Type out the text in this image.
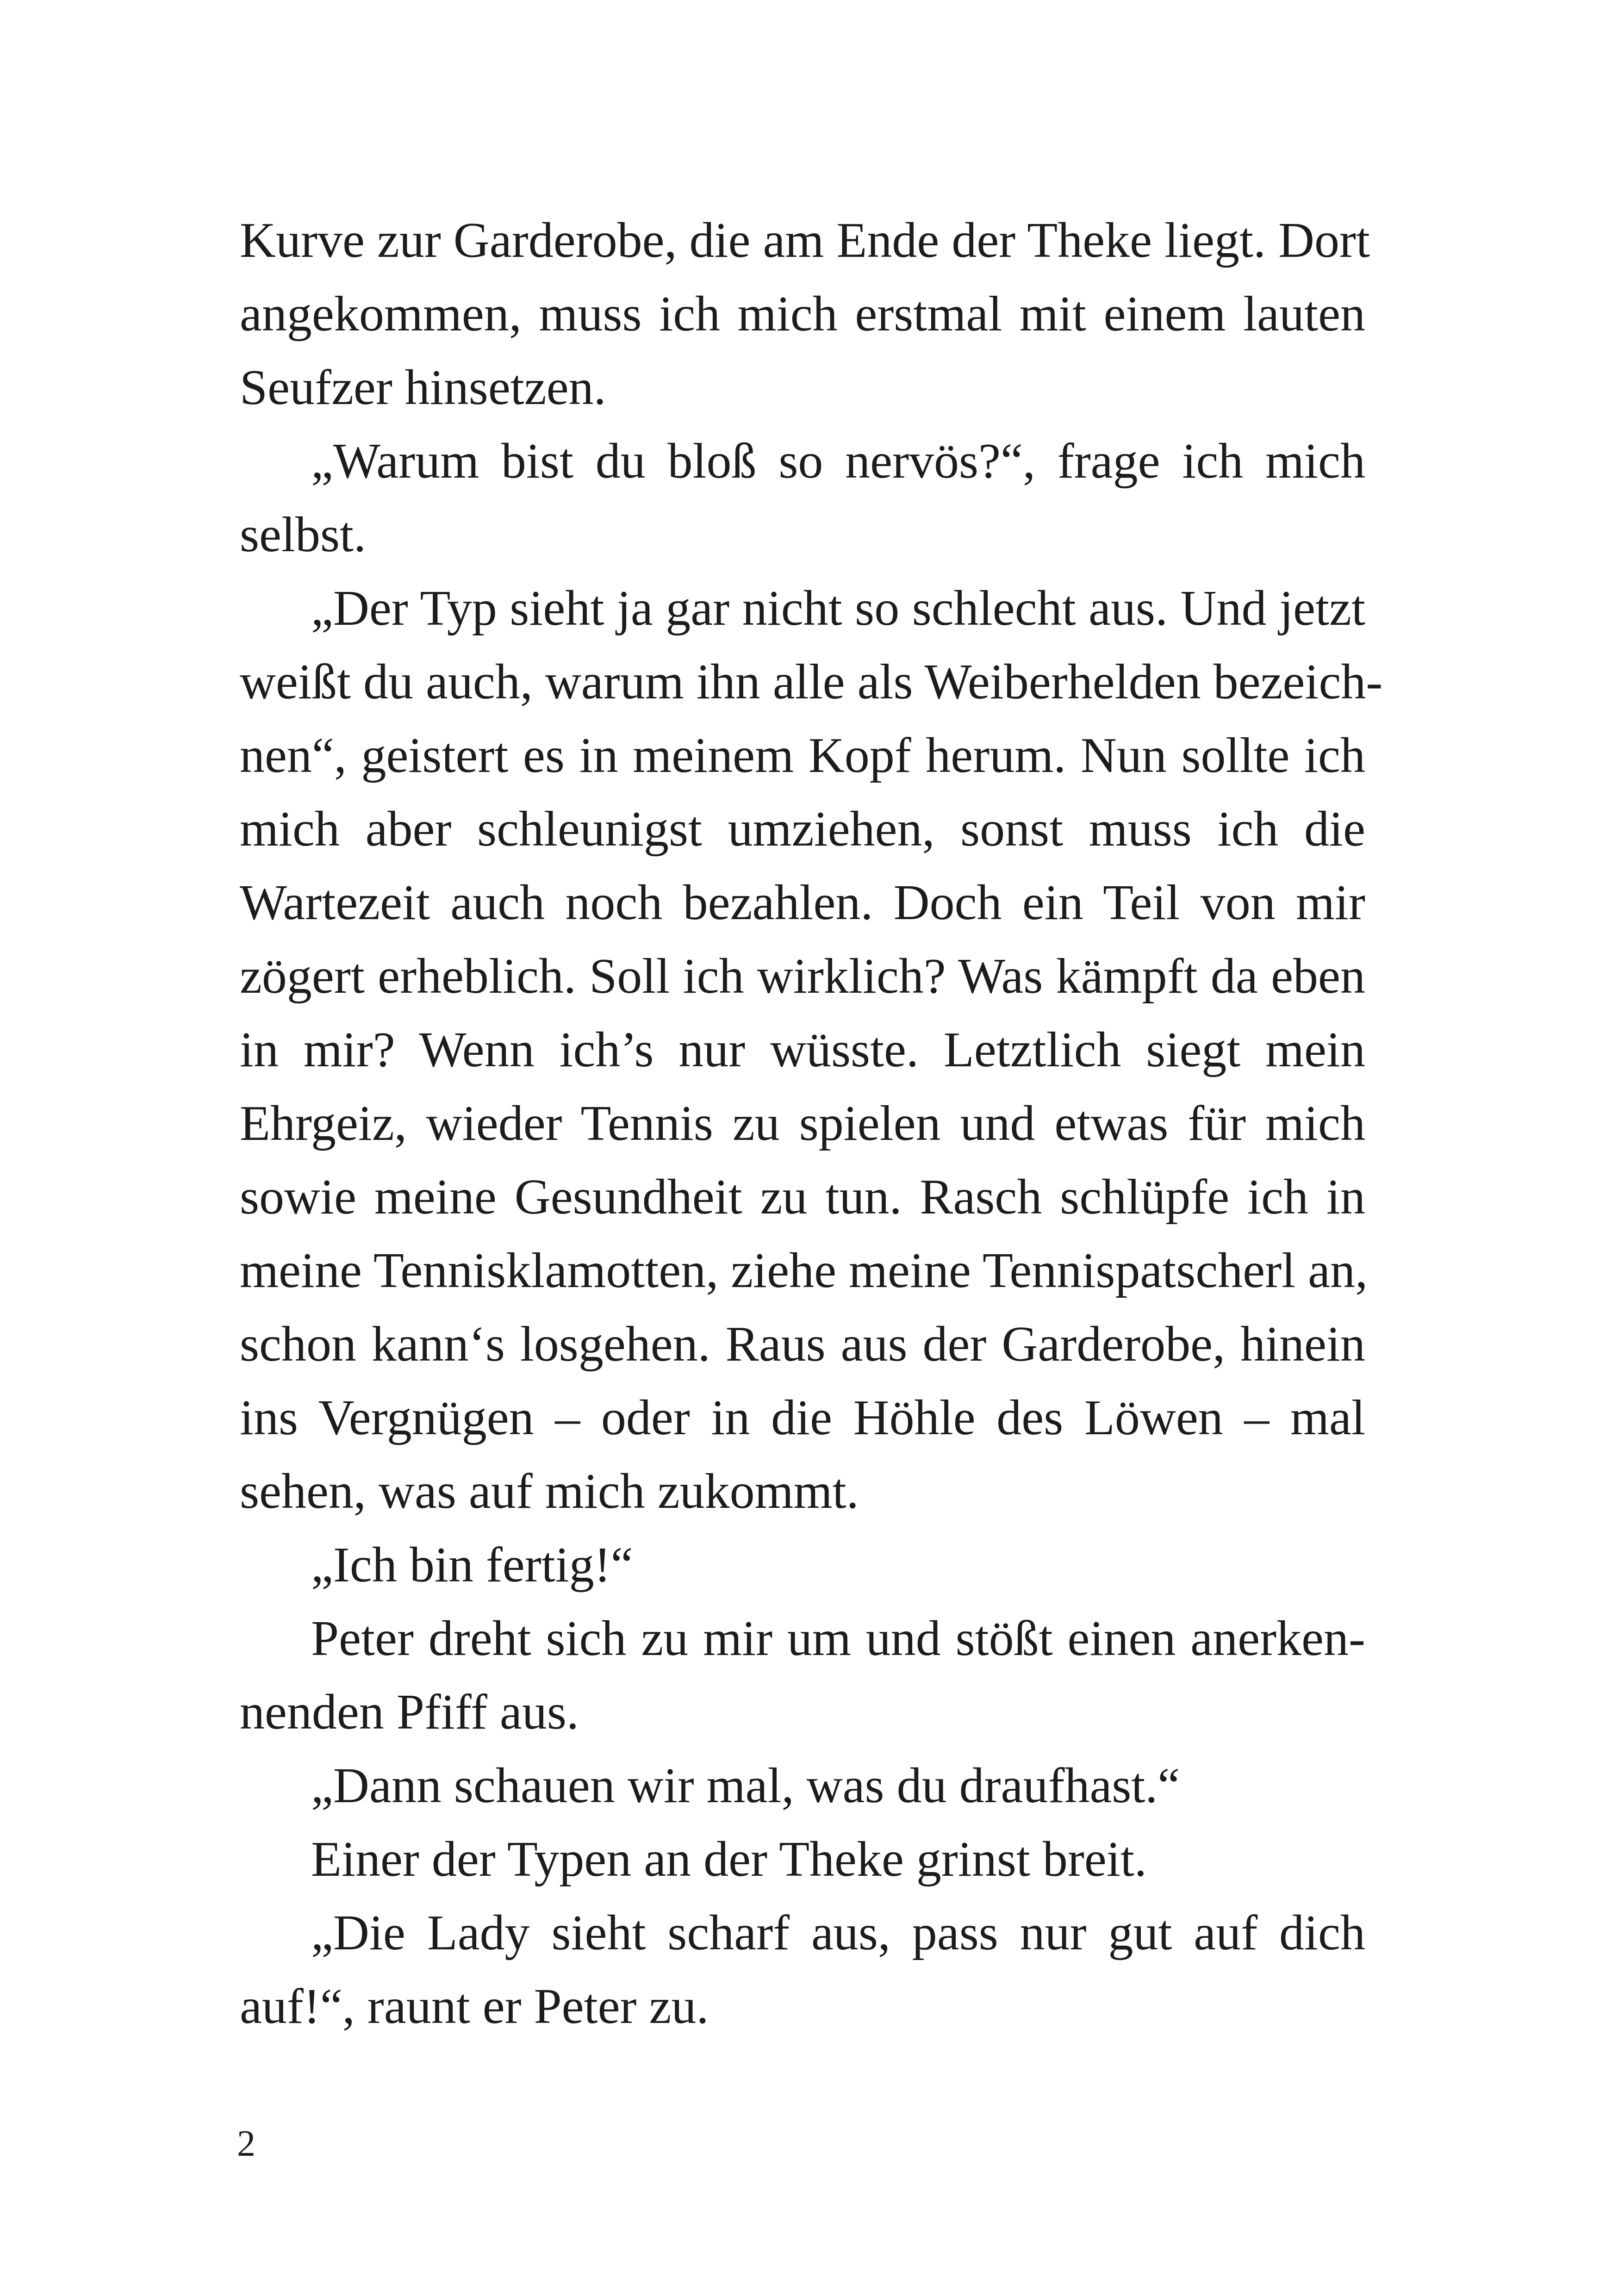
Kurve zur Garderobe, die am Ende der Theke liegt. Dort
angekommen, muss ich mich erstmal mit einem lauten
Seufzer hinsetzen.
„Warum bist du bloß so nervös?“, frage ich mich
selbst.
„Der Typ sieht ja gar nicht so schlecht aus. Und jetzt
weißt du auch, warum ihn alle als Weiberhelden bezeich-
nen“, geistert es in meinem Kopf herum. Nun sollte ich
mich aber schleunigst umziehen, sonst muss ich die
Wartezeit auch noch bezahlen. Doch ein Teil von mir
zögert erheblich. Soll ich wirklich? Was kämpft da eben
in mir? Wenn ich’s nur wüsste. Letztlich siegt mein
Ehrgeiz, wieder Tennis zu spielen und etwas für mich
sowie meine Gesundheit zu tun. Rasch schlüpfe ich in
meine Tennisklamotten, ziehe meine Tennispatscherl an,
schon kann‘s losgehen. Raus aus der Garderobe, hinein
ins Vergnügen – oder in die Höhle des Löwen – mal
sehen, was auf mich zukommt.
„Ich bin fertig!“
Peter dreht sich zu mir um und stößt einen anerken-
nenden Pfiff aus.
„Dann schauen wir mal, was du draufhast.“
Einer der Typen an der Theke grinst breit.
„Die Lady sieht scharf aus, pass nur gut auf dich
auf!“, raunt er Peter zu.
2
